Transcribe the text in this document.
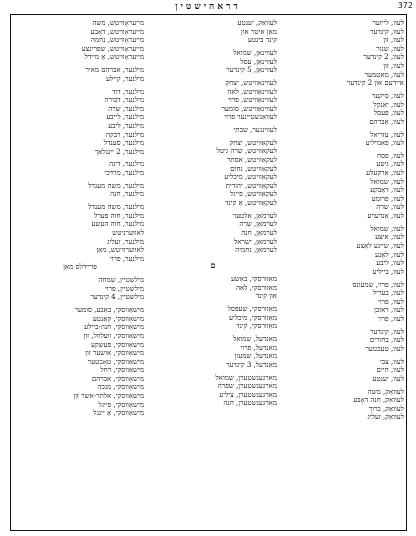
דראהישטין	372
לעוו, לייזער
לעוו, קינדער
לעוו, זון
לעוו, שנור
לעוו, 2 קינדער
לעוו, זון
לעוו, מאַטמער
איידעם און 2 קינדער
לעוו, סיקער
לעוו, יאַנקל
לעוו, פעסל
לעוו, אַברהם
לעוו, עזריאל
לעוו, פאַמיליע
לעוו, פסח
לעוו, גיטע
לעוו, אַרקעלע
לעוו, שמואל
לעוו, דאַבקע
לעוו, פרומע
לעוו, שרה
לעוו, אַנדערע
לעוו, שמואל
לעוו, איצע
לעוו, שיינע לאַצע
לעוו, לאַנע
לעוו, ליבע
לעוו, בייליע
לעוו, פרוי, שמעונס
לעוו, בעריל
לעוו, פרוי
לעוו, ראובן
לעוו, פרוי
לעוו, קינדער
לעוו, בחורים
לעוו, טעכטער
לעוו, צבי
לעוו, חיים
לעוו, יענטע
לעוואַק, משה
לעוואַק, חנה דאָבע
לעוואַק, ברוך
לעוואַק, זעליג
לעוואַק, יענטע
מאַן איטר און
קינד בינטע
לעווינאַן, שמואל
לעווינאַן, עסל
לעווינאַן, 5 קינדער
לעווינאַוויטש, יצחק
לעווינאַוויטש, לאה
לעווינאַוויטש, פרוי
לעווינאַוויטש, סומער
לעוואַנשטיינער פרוי
לעווינגער, שבתי
לעקאַוויטש, יצחק
לעקאַוויטש, שרה גיטל
לעקאַוויטש, אסתר
לעקאַוויטש, נחום
לעקאַוויטש, מיכליע
לעקאַוויטש, יהודית
לעקאַוויטש, פייגל
לעקאַוויטש, אַ קינד
לערמאַן, אלטער
לערמאַן, שרה
לערמאַן, חנה
לערמאַן, ישראל
לערמאַן, נחמיה
ם
מאַזורסקי, באַשע
מאַזורסקי, לאה
און קינד
מאַזורסקי, שעפּסל
מאַזורסקי, מיכליע
מאַזורסקי, קינד
מאַנדעל, שמואל
מאַנדעל, פרוי
מאַנדעל, שמעון
מאַנדעל, 3 קינדער
מארגענשטערן, שמואל
מארגענשטערן, שפרה
מארגענשטערן, ציליע
מארגענשטערן, חנה
מייעראָוויטש, משה
מייעראָוויטש, דאָבע
מייעראָוויטש, נחמה
מייעראָוויטש, שפרינצע
מייעראָוויטש, אַ מיידל
מילנער, אברהם מאיר
מילנער, קיילע
מילנער, דוד
מילנער, דבורה
מילנער, שרה
מילנער, לייבע
מילנער, ליבע
מילנער, רבקה
מילנער, סענדל
מילנער, 2 יינגלאַך
מילנער, דינה
מילנער, מרדכי
מילנער, משה מענדל
מילנער, חנה
מילנער, משה מענדל
מילנער, חוה פערל
מילנער, חוה העשע
לאווערניטש
מילנער, זעליג
לאווערוויטש, מאַן
מילנער, פרוי
פריידלס מאַן
מילשטיין, שמחה
מילשטיין, פרוי
מילשטיין, 4 קינדער
מישאַווסקי, באַבע, סומער
מישאַווסקי, קאַנטע
מישאַווסקי, חנה-ביילע
מישאַווסקי, וועלוול, זון
מישאַווסקי, פעשקע
מישאַווסקי, אושער זון
מישאַווסקי, טאָכטער
מישאַווסקי, רחל
מישאַווסקי, אברהם
מישאַווסקי, מנכה
מישאַווסקי, אלתר-אשר זון
מישאַווסקי, פייגל
מישאַווסקי, אַ יינגל
